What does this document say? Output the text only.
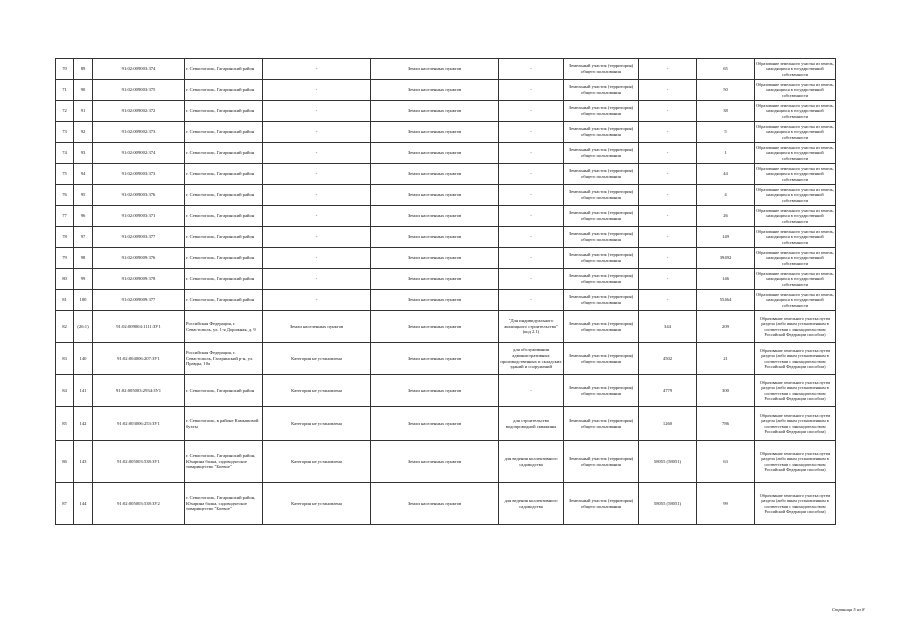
70	89	91:02:009003:374	г. Севастополь, Гагаринский район	-	Земли населенных пунктов	-	Земельный участок (территория) общего пользования	-	65	Образование земельного участка из земель, находящихся в государственной собственности
71	90	91:02:009003:375	г. Севастополь, Гагаринский район	-	Земли населенных пунктов	-	Земельный участок (территория) общего пользования	-	50	Образование земельного участка из земель, находящихся в государственной собственности
72	91	91:02:009002:372	г. Севастополь, Гагаринский район	-	Земли населенных пунктов	-	Земельный участок (территория) общего пользования	-	38	Образование земельного участка из земель, находящихся в государственной собственности
73	92	91:02:009002:373	г. Севастополь, Гагаринский район	-	Земли населенных пунктов	-	Земельный участок (территория) общего пользования	-	5	Образование земельного участка из земель, находящихся в государственной собственности
74	93	91:02:009002:374	г. Севастополь, Гагаринский район	-	Земли населенных пунктов	-	Земельный участок (территория) общего пользования	-	1	Образование земельного участка из земель, находящихся в государственной собственности
75	94	91:02:009003:373	г. Севастополь, Гагаринский район	-	Земли населенных пунктов	-	Земельный участок (территория) общего пользования	-	44	Образование земельного участка из земель, находящихся в государственной собственности
76	95	91:02:009003:376	г. Севастополь, Гагаринский район	-	Земли населенных пунктов	-	Земельный участок (территория) общего пользования	-	4	Образование земельного участка из земель, находящихся в государственной собственности
77	96	91:02:009003:371	г. Севастополь, Гагаринский район	-	Земли населенных пунктов	-	Земельный участок (территория) общего пользования	-	26	Образование земельного участка из земель, находящихся в государственной собственности
78	97	91:02:009003:377	г. Севастополь, Гагаринский район	-	Земли населенных пунктов	-	Земельный участок (территория) общего пользования	-	149	Образование земельного участка из земель, находящихся в государственной собственности
79	98	91:02:009009:376	г. Севастополь, Гагаринский район	-	Земли населенных пунктов	-	Земельный участок (территория) общего пользования	-	39492	Образование земельного участка из земель, находящихся в государственной собственности
80	99	91:02:009009:378	г. Севастополь, Гагаринский район	-	Земли населенных пунктов	-	Земельный участок (территория) общего пользования	-	146	Образование земельного участка из земель, находящихся в государственной собственности
81	100	91:02:009009:377	г. Севастополь, Гагаринский район	-	Земли населенных пунктов	-	Земельный участок (территория) общего пользования	-	55464	Образование земельного участка из земель, находящихся в государственной собственности
82	(26:1)	91:02:009004:1111:ЗУ1	Российская Федерация, г. Севастополь, ул. 1-я Дорожная, д. 9	Земли населенных пунктов	Земли населенных пунктов	"Для индивидуального жилищного строительства" (код 2.1)	Земельный участок (территория) общего пользования	344	209	Образование земельного участка путем раздела (либо иным установленным в соответствии с законодательством Российской Федерации способом)
83	140	91:02:004006:207:ЗУ1	Российская Федерация, г. Севастополь, Гагаринский р-н, ул. Правды, 10а	Категория не установлена	Земли населенных пунктов	для обслуживания административных производственных и складских зданий и сооружений	Земельный участок (территория) общего пользования	4502	21	Образование земельного участка путем раздела (либо иным установленным в соответствии с законодательством Российской Федерации способом)
84	141	91:02:005003:2934:ЗУ1	г. Севастополь, Гагаринский район	Категория не установлена	Земли населенных пунктов	-	Земельный участок (территория) общего пользования	4779	300	Образование земельного участка путем раздела (либо иным установленным в соответствии с законодательством Российской Федерации способом)
85	142	91:02:003006:253:ЗУ1	г. Севастополь, в районе Камышовой бухты	Категория не установлена	Земли населенных пунктов	для строительства водопроводной скважины	Земельный участок (территория) общего пользования	1260	786	Образование земельного участка путем раздела (либо иным установленным в соответствии с законодательством Российской Федерации способом)
86	143	91:02:005003:538:ЗУ1	г. Севастополь, Гагаринский район, Юхарина балка, садоводческое товарищество "Боевое"	Категория не установлена	Земли населенных пунктов	для ведения коллективного садоводства	Земельный участок (территория) общего пользования	58055 (58051)	63	Образование земельного участка путем раздела (либо иным установленным в соответствии с законодательством Российской Федерации способом)
87	144	91:02:005003:538:ЗУ2	г. Севастополь, Гагаринский район, Юхарина балка, садоводческое товарищество "Боевое"	Категория не установлена	Земли населенных пунктов	для ведения коллективного садоводства	Земельный участок (территория) общего пользования	58055 (58051)	99	Образование земельного участка путем раздела (либо иным установленным в соответствии с законодательством Российской Федерации способом)
Страница 5 из 8
